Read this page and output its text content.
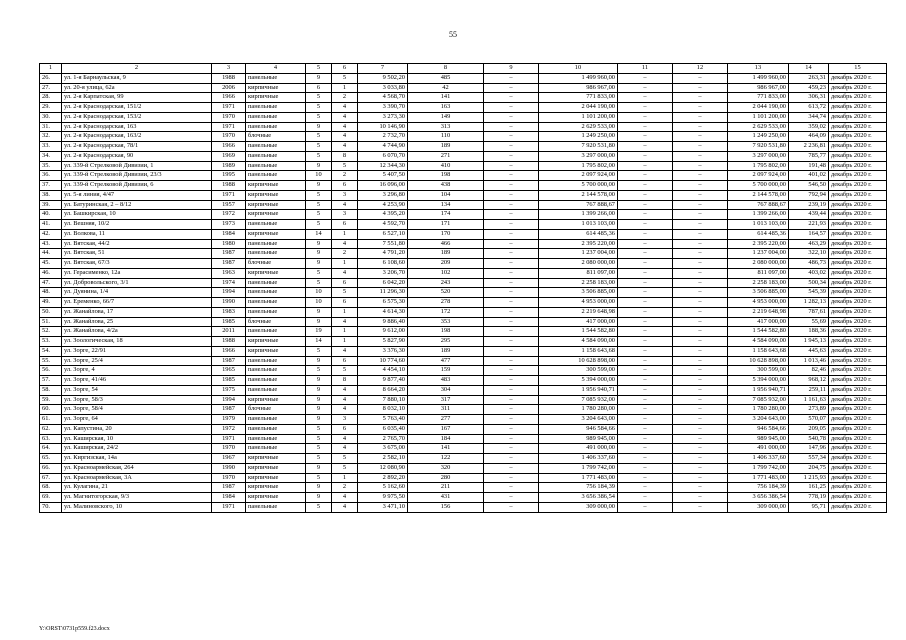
55
1	2	3	4	5	6	7	8	9	10	11	12	13	14	15
26.	ул. 1-я Барнаульская, 9	1988	панельные	9	5	9 502,20	485	–	1 499 960,00	–	–	1 499 960,00	263,31	декабрь 2020 г.
27.	ул. 20-я улица, 62а	2006	кирпичные	6	1	3 033,80	42	–	986 967,00	–	–	986 967,00	459,23	декабрь 2020 г.
28.	ул. 2-я Карпатская, 99	1966	кирпичные	5	2	4 568,70	141	–	771 833,00	–	–	771 833,00	306,31	декабрь 2020 г.
29.	ул. 2-я Краснодарская, 151/2	1971	панельные	5	4	3 390,70	163	–	2 044 190,00	–	–	2 044 190,00	613,72	декабрь 2020 г.
30.	ул. 2-я Краснодарская, 153/2	1970	панельные	5	4	3 273,30	149	–	1 101 200,00	–	–	1 101 200,00	344,74	декабрь 2020 г.
31.	ул. 2-я Краснодарская, 163	1971	панельные	9	4	10 146,90	313	–	2 629 533,00	–	–	2 629 533,00	359,02	декабрь 2020 г.
32.	ул. 2-я Краснодарская, 163/2	1970	блочные	5	4	2 732,70	110	–	1 249 250,00	–	–	1 249 250,00	464,09	декабрь 2020 г.
33.	ул. 2-я Краснодарская, 78/1	1966	панельные	5	4	4 744,90	189	–	7 920 531,80	–	–	7 920 531,80	2 236,81	декабрь 2020 г.
34.	ул. 2-я Краснодарская, 90	1969	панельные	5	8	6 070,70	271	–	3 297 000,00	–	–	3 297 000,00	785,77	декабрь 2020 г.
35.	ул. 339-й Стрелковой Дивизии, 1	1989	панельные	9	5	12 344,30	410	–	1 795 802,00	–	–	1 795 802,00	191,48	декабрь 2020 г.
36.	ул. 339-й Стрелковой Дивизии, 23/3	1995	панельные	10	2	5 407,50	198	–	2 097 924,00	–	–	2 097 924,00	401,02	декабрь 2020 г.
37.	ул. 339-й Стрелковой Дивизии, 6	1988	кирпичные	9	6	16 096,00	438	–	5 700 000,00	–	–	5 700 000,00	546,50	декабрь 2020 г.
38.	ул. 5-я линия, 4/47	1971	кирпичные	5	3	3 296,80	104	–	2 144 578,00	–	–	2 144 578,00	792,94	декабрь 2020 г.
39.	ул. Батуринская, 2 – 8/12	1957	кирпичные	5	4	4 253,90	134	–	767 888,67	–	–	767 888,67	239,19	декабрь 2020 г.
40.	ул. Башкирская, 10	1972	кирпичные	5	3	4 395,20	174	–	1 399 266,00	–	–	1 399 266,00	439,44	декабрь 2020 г.
41.	ул. Вешняя, 10/2	1973	панельные	5	6	4 592,70	171	–	1 013 103,00	–	–	1 013 103,00	221,93	декабрь 2020 г.
42.	ул. Волкова, 11	1984	кирпичные	14	1	6 527,10	170	–	614 485,36	–	–	614 485,36	164,57	декабрь 2020 г.
43.	ул. Вятская, 44/2	1980	панельные	9	4	7 551,80	466	–	2 395 220,00	–	–	2 395 220,00	463,29	декабрь 2020 г.
44.	ул. Вятская, 51	1987	панельные	9	2	4 791,20	189	–	1 237 004,00	–	–	1 237 004,00	322,10	декабрь 2020 г.
45.	ул. Вятская, 67/3	1987	блочные	9	1	6 108,60	209	–	2 080 000,00	–	–	2 080 000,00	486,73	декабрь 2020 г.
46.	ул. Герасименко, 12а	1963	кирпичные	5	4	3 206,70	102	–	811 097,00	–	–	811 097,00	403,02	декабрь 2020 г.
47.	ул. Добровольского, 3/1	1974	панельные	5	6	6 042,20	243	–	2 258 183,00	–	–	2 258 183,00	500,34	декабрь 2020 г.
48.	ул. Дуянина, 1/4	1994	панельные	10	5	11 296,30	520	–	3 506 885,00	–	–	3 506 885,00	545,39	декабрь 2020 г.
49.	ул. Еременко, 66/7	1990	панельные	10	6	6 575,30	278	–	4 953 000,00	–	–	4 953 000,00	1 282,13	декабрь 2020 г.
50.	ул. Жанайлова, 17	1983	панельные	9	1	4 614,30	172	–	2 219 648,98	–	–	2 219 648,98	787,61	декабрь 2020 г.
51.	ул. Жанайлова, 25	1985	блочные	9	4	9 886,40	353	–	417 000,00	–	–	417 000,00	55,69	декабрь 2020 г.
52.	ул. Жанайлова, 4/2а	2011	панельные	19	1	9 612,00	198	–	1 544 582,80	–	–	1 544 582,80	188,36	декабрь 2020 г.
53.	ул. Зоологическая, 18	1988	кирпичные	14	1	5 827,90	295	–	4 584 090,00	–	–	4 584 090,00	1 945,13	декабрь 2020 г.
54.	ул. Зорге, 22/91	1966	кирпичные	5	4	3 376,30	189	–	1 158 643,68	–	–	1 158 643,68	445,63	декабрь 2020 г.
55.	ул. Зорге, 25/4	1987	панельные	9	6	10 774,60	477	–	10 628 898,00	–	–	10 628 898,00	1 013,46	декабрь 2020 г.
56.	ул. Зорге, 4	1965	панельные	5	5	4 454,10	159	–	300 599,00	–	–	300 599,00	82,46	декабрь 2020 г.
57.	ул. Зорге, 41/46	1985	панельные	9	8	9 877,40	483	–	5 394 000,00	–	–	5 394 000,00	968,12	декабрь 2020 г.
58.	ул. Зорге, 54	1975	панельные	9	4	8 664,20	304	–	1 956 940,71	–	–	1 956 940,71	259,11	декабрь 2020 г.
59.	ул. Зорге, 58/3	1994	кирпичные	9	4	7 880,10	317	–	7 085 932,00	–	–	7 085 932,00	1 161,63	декабрь 2020 г.
60.	ул. Зорге, 58/4	1987	блочные	9	4	8 032,10	311	–	1 780 280,00	–	–	1 780 280,00	273,89	декабрь 2020 г.
61.	ул. Зорге, 64	1979	панельные	9	3	5 763,40	277	–	3 204 643,00	–	–	3 204 643,00	570,07	декабрь 2020 г.
62.	ул. Капустина, 20	1972	панельные	5	6	6 035,40	167	–	946 584,66	–	–	946 584,66	209,05	декабрь 2020 г.
63.	ул. Каширская, 10	1971	панельные	5	4	2 765,70	184	–	989 945,00	–	–	989 945,00	540,78	декабрь 2020 г.
64.	ул. Каширская, 24/2	1970	панельные	5	4	3 675,00	141	–	491 000,00	–	–	491 000,00	147,96	декабрь 2020 г.
65.	ул. Киргизская, 14а	1967	кирпичные	5	5	2 582,10	122	–	1 406 337,60	–	–	1 406 337,60	557,34	декабрь 2020 г.
66.	ул. Красноармейская, 264	1990	кирпичные	9	5	12 080,90	320	–	1 799 742,00	–	–	1 799 742,00	204,75	декабрь 2020 г.
67.	ул. Красноармейская, 3А	1970	кирпичные	5	1	2 892,20	280	–	1 771 483,00	–	–	1 771 483,00	1 215,93	декабрь 2020 г.
68.	ул. Кулагина, 21	1987	кирпичные	9	2	5 162,60	211	–	756 184,39	–	–	756 184,39	161,25	декабрь 2020 г.
69.	ул. Магнитогорская, 9/3	1984	кирпичные	9	4	9 975,50	431	–	3 656 386,54	–	–	3 656 386,54	778,19	декабрь 2020 г.
70.	ул. Малиновского, 10	1971	панельные	5	4	3 471,10	156	–	309 000,00	–	–	309 000,00	95,71	декабрь 2020 г.
Y:\ORST\0731p559.f23.docx
